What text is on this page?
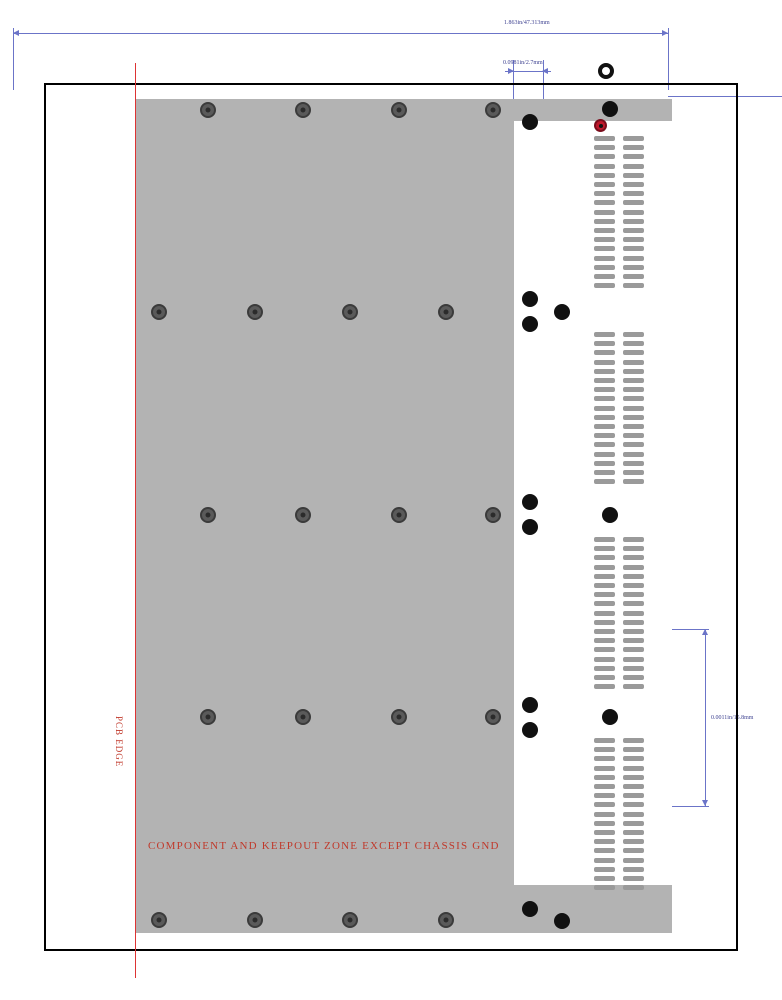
1.863in/47.313mm
0.0981in/2.7mm
0.0011in/15.8mm
PCB EDGE
COMPONENT AND KEEPOUT ZONE EXCEPT CHASSIS GND
